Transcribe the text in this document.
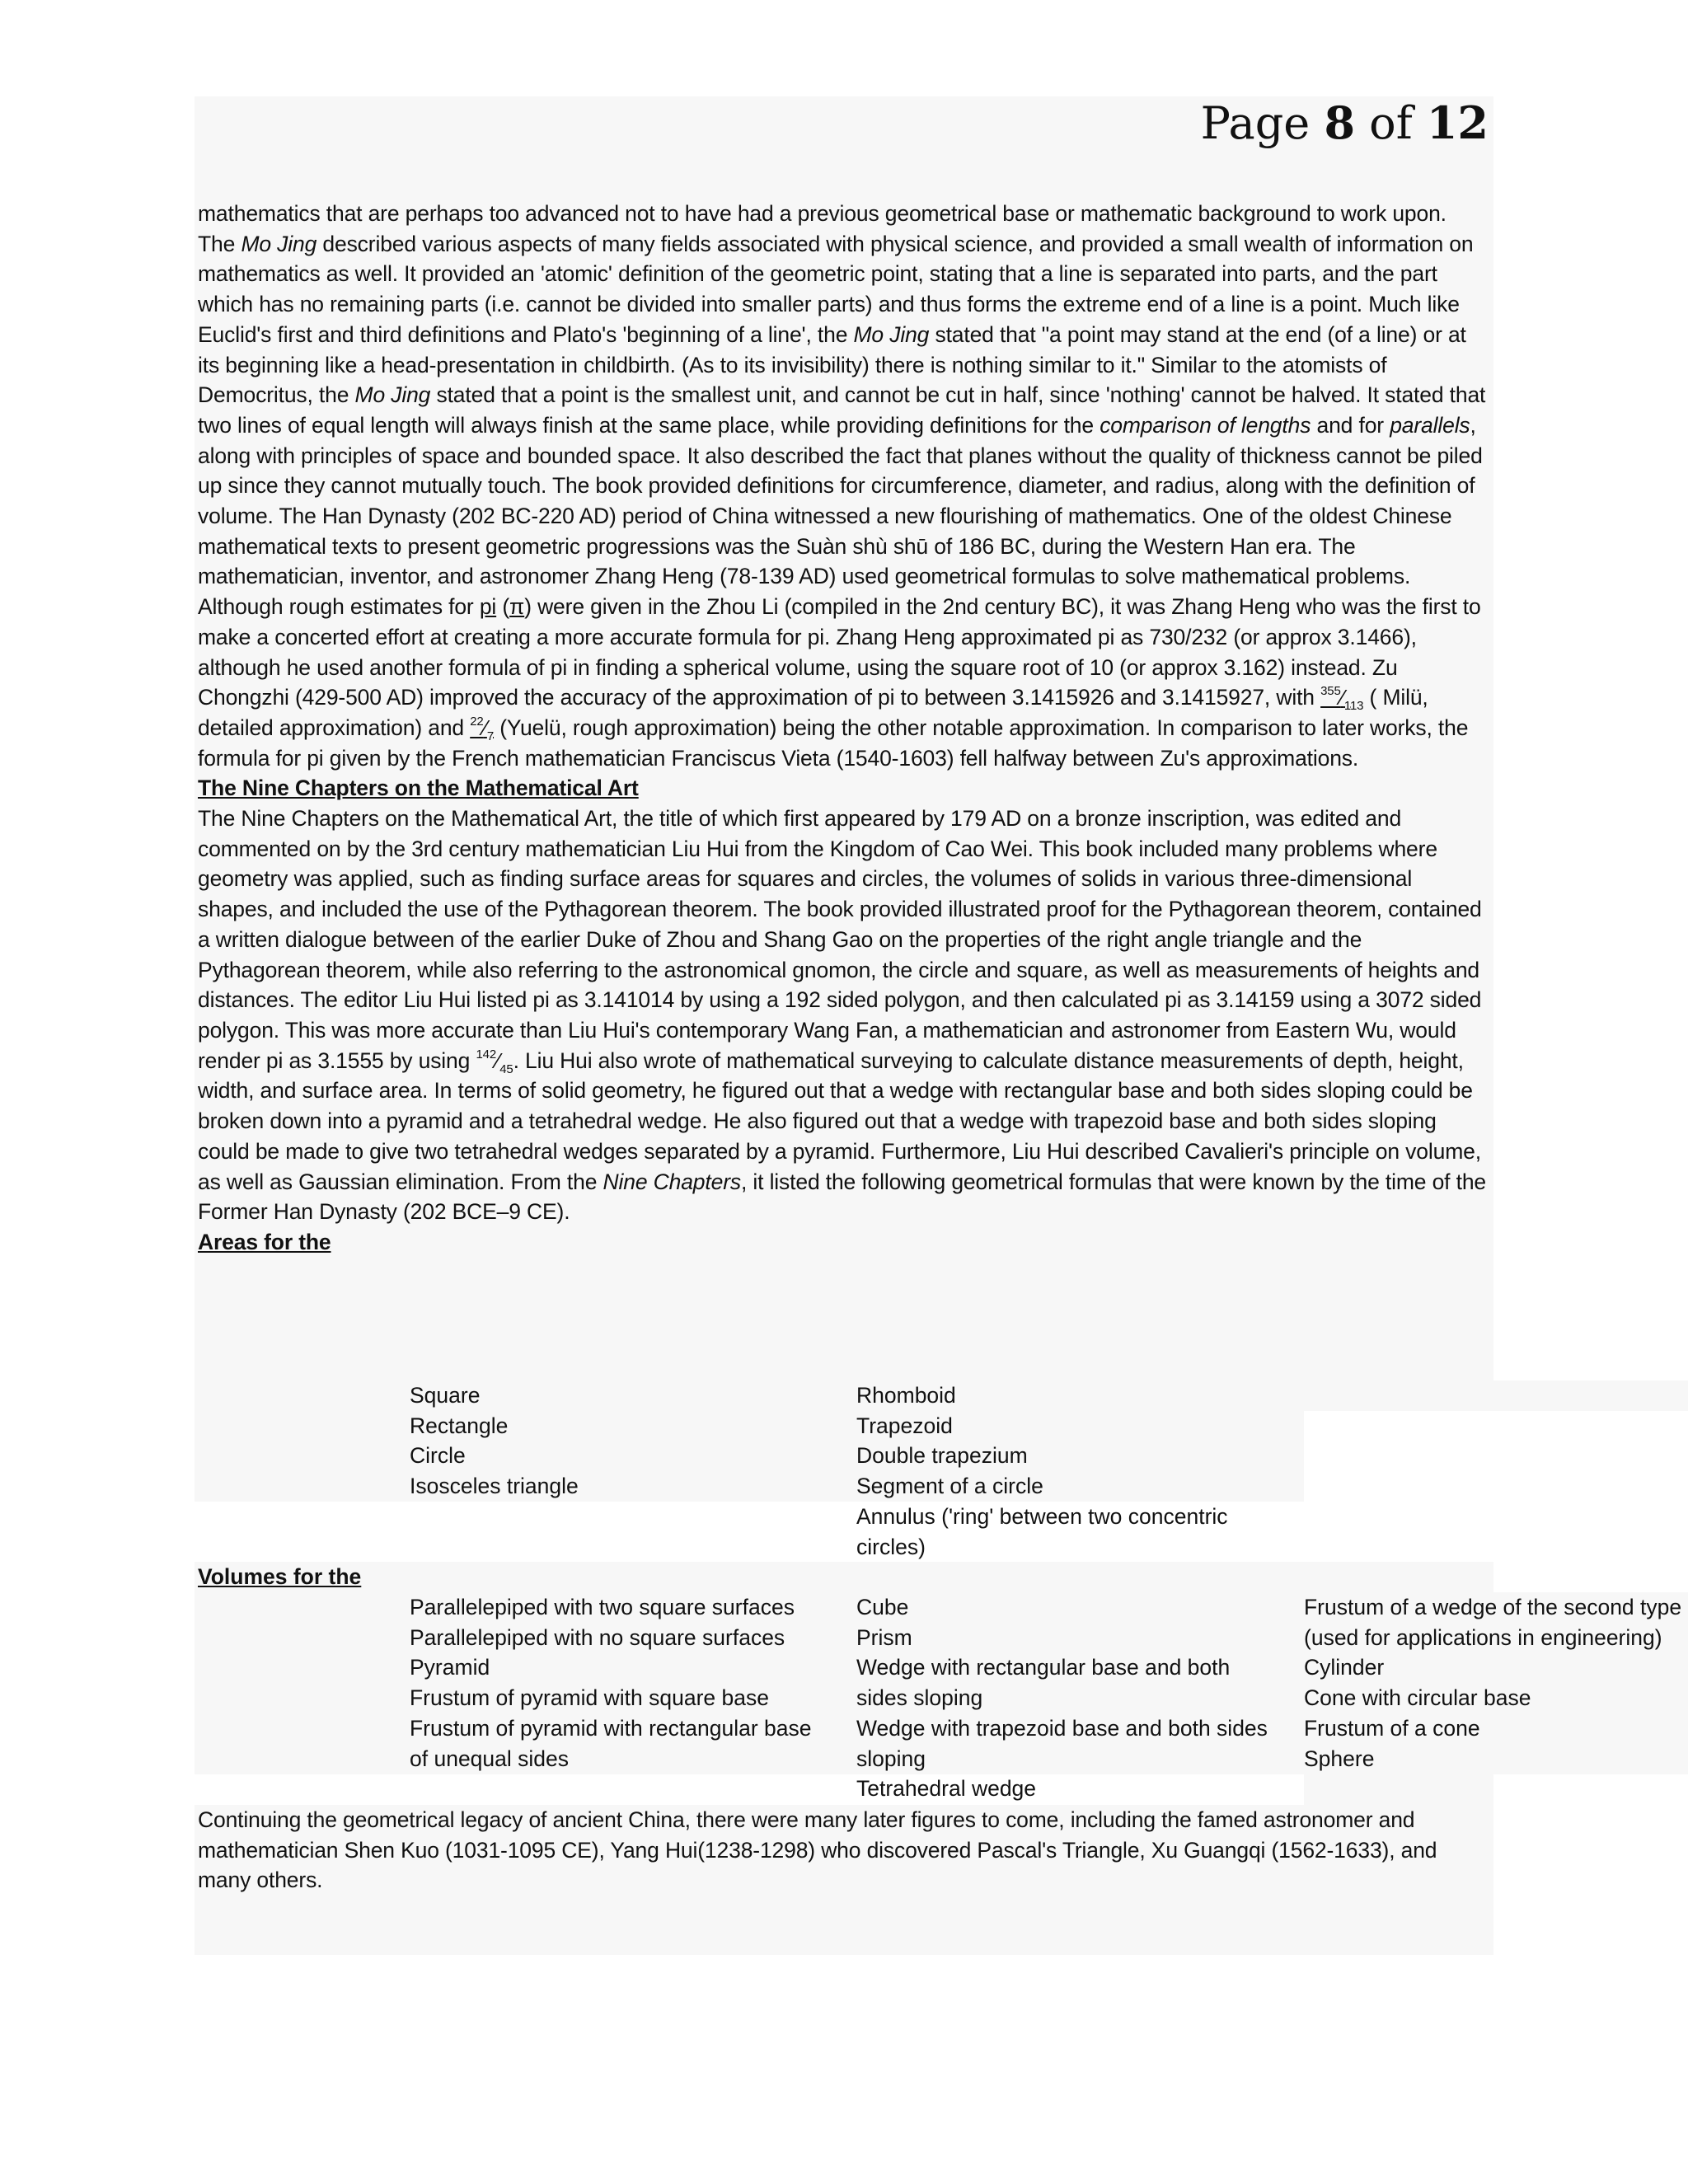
Page 8 of 12

mathematics that are perhaps too advanced not to have had a previous geometrical base or mathematic background to work upon.

The Mo Jing described various aspects of many fields associated with physical science, and provided a small wealth of information on mathematics as well. It provided an 'atomic' definition of the geometric point, stating that a line is separated into parts, and the part which has no remaining parts (i.e. cannot be divided into smaller parts) and thus forms the extreme end of a line is a point. Much like Euclid's first and third definitions and Plato's 'beginning of a line', the Mo Jing stated that "a point may stand at the end (of a line) or at its beginning like a head-presentation in childbirth. (As to its invisibility) there is nothing similar to it." Similar to the atomists of Democritus, the Mo Jing stated that a point is the smallest unit, and cannot be cut in half, since 'nothing' cannot be halved. It stated that two lines of equal length will always finish at the same place, while providing definitions for the comparison of lengths and for parallels, along with principles of space and bounded space. It also described the fact that planes without the quality of thickness cannot be piled up since they cannot mutually touch. The book provided definitions for circumference, diameter, and radius, along with the definition of volume. The Han Dynasty (202 BC-220 AD) period of China witnessed a new flourishing of mathematics. One of the oldest Chinese mathematical texts to present geometric progressions was the Suàn shù shū of 186 BC, during the Western Han era. The mathematician, inventor, and astronomer Zhang Heng (78-139 AD) used geometrical formulas to solve mathematical problems. Although rough estimates for pi (π) were given in the Zhou Li (compiled in the 2nd century BC), it was Zhang Heng who was the first to make a concerted effort at creating a more accurate formula for pi. Zhang Heng approximated pi as 730/232 (or approx 3.1466), although he used another formula of pi in finding a spherical volume, using the square root of 10 (or approx 3.162) instead. Zu Chongzhi (429-500 AD) improved the accuracy of the approximation of pi to between 3.1415926 and 3.1415927, with $^{355}⁄_{113}$ ( Milü, detailed approximation) and $^{22}⁄_7$ (Yuelü, rough approximation) being the other notable approximation. In comparison to later works, the formula for pi given by the French mathematician Franciscus Vieta (1540-1603) fell halfway between Zu's approximations.

The Nine Chapters on the Mathematical Art

The Nine Chapters on the Mathematical Art, the title of which first appeared by 179 AD on a bronze inscription, was edited and commented on by the 3rd century mathematician Liu Hui from the Kingdom of Cao Wei. This book included many problems where geometry was applied, such as finding surface areas for squares and circles, the volumes of solids in various three-dimensional shapes, and included the use of the Pythagorean theorem. The book provided illustrated proof for the Pythagorean theorem, contained a written dialogue between of the earlier Duke of Zhou and Shang Gao on the properties of the right angle triangle and the Pythagorean theorem, while also referring to the astronomical gnomon, the circle and square, as well as measurements of heights and distances. The editor Liu Hui listed pi as 3.141014 by using a 192 sided polygon, and then calculated pi as 3.14159 using a 3072 sided polygon. This was more accurate than Liu Hui's contemporary Wang Fan, a mathematician and astronomer from Eastern Wu, would render pi as 3.1555 by using $^{142}⁄_{45}$. Liu Hui also wrote of mathematical surveying to calculate distance measurements of depth, height, width, and surface area. In terms of solid geometry, he figured out that a wedge with rectangular base and both sides sloping could be broken down into a pyramid and a tetrahedral wedge. He also figured out that a wedge with trapezoid base and both sides sloping could be made to give two tetrahedral wedges separated by a pyramid. Furthermore, Liu Hui described Cavalieri's principle on volume, as well as Gaussian elimination. From the Nine Chapters, it listed the following geometrical formulas that were known by the time of the Former Han Dynasty (202 BCE–9 CE).

Areas for the

Square
Rectangle
Circle
Isosceles triangle
Rhomboid
Trapezoid
Double trapezium
Segment of a circle
Annulus ('ring' between two concentric
circles)
Volumes for the
Parallelepiped with two square surfaces
Parallelepiped with no square surfaces
Pyramid
Frustum of pyramid with square base
Frustum of pyramid with rectangular base
of unequal sides
Cube
Prism
Wedge with rectangular base and both
sides sloping
Wedge with trapezoid base and both sides
sloping
Tetrahedral wedge
Frustum of a wedge of the second type
(used for applications in engineering)
Cylinder
Cone with circular base
Frustum of a cone
Sphere

Continuing the geometrical legacy of ancient China, there were many later figures to come, including the famed astronomer and mathematician Shen Kuo (1031-1095 CE), Yang Hui(1238-1298) who discovered Pascal's Triangle, Xu Guangqi (1562-1633), and many others.
